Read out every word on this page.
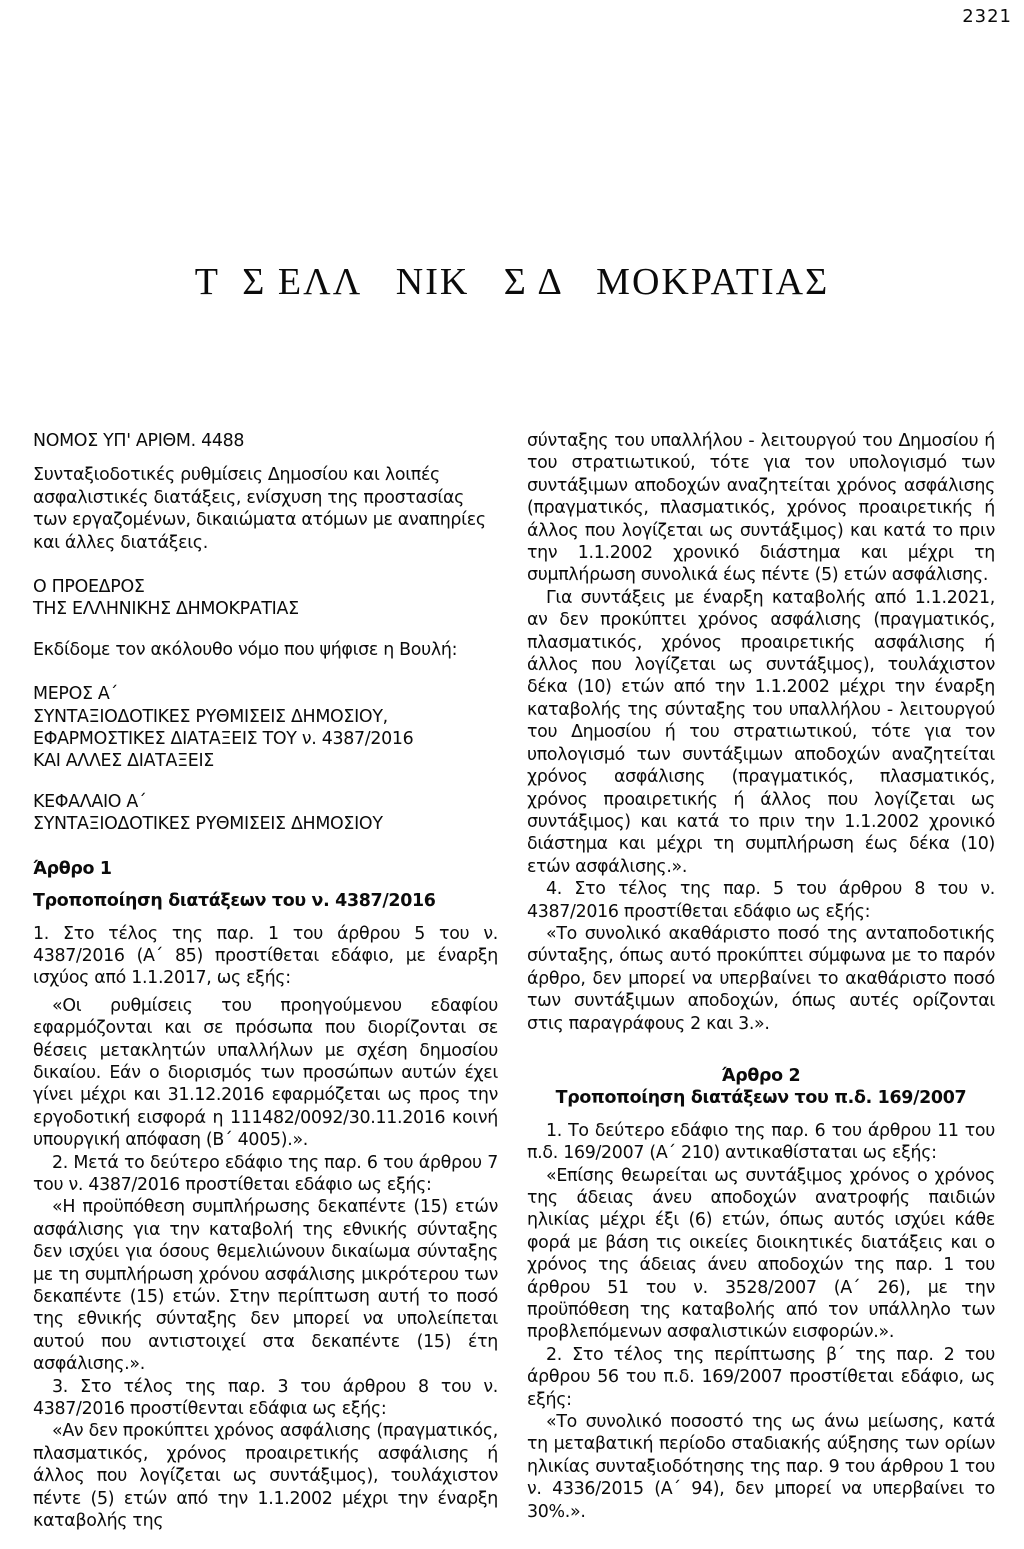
2321
Τ  Σ ΕΛΛ   ΝΙΚ   Σ Δ   ΜΟΚΡΑΤΙΑΣ

ΝΟΜΟΣ ΥΠ' ΑΡΙΘΜ. 4488

Συνταξιοδοτικές ρυθμίσεις Δημοσίου και λοιπές ασφαλιστικές διατάξεις, ενίσχυση της προστασίας των εργαζομένων, δικαιώματα ατόμων με αναπηρίες και άλλες διατάξεις.

Ο ΠΡΟΕΔΡΟΣ

ΤΗΣ ΕΛΛΗΝΙΚΗΣ ΔΗΜΟΚΡΑΤΙΑΣ

Εκδίδομε τον ακόλουθο νόμο που ψήφισε η Βουλή:

ΜΕΡΟΣ Α΄

ΣΥΝΤΑΞΙΟΔΟΤΙΚΕΣ ΡΥΘΜΙΣΕΙΣ ΔΗΜΟΣΙΟΥ,

ΕΦΑΡΜΟΣΤΙΚΕΣ ΔΙΑΤΑΞΕΙΣ ΤΟΥ ν. 4387/2016

ΚΑΙ ΑΛΛΕΣ ΔΙΑΤΑΞΕΙΣ

ΚΕΦΑΛΑΙΟ Α΄

ΣΥΝΤΑΞΙΟΔΟΤΙΚΕΣ ΡΥΘΜΙΣΕΙΣ ΔΗΜΟΣΙΟΥ

Άρθρο 1

Τροποποίηση διατάξεων του ν. 4387/2016

1. Στο τέλος της παρ. 1 του άρθρου 5 του ν. 4387/2016 (Α΄ 85) προστίθεται εδάφιο, με έναρξη ισχύος από 1.1.2017, ως εξής:

«Οι ρυθμίσεις του προηγούμενου εδαφίου εφαρμόζονται και σε πρόσωπα που διορίζονται σε θέσεις μετακλητών υπαλλήλων με σχέση δημοσίου δικαίου. Εάν ο διορισμός των προσώπων αυτών έχει γίνει μέχρι και 31.12.2016 εφαρμόζεται ως προς την εργοδοτική εισφορά η 111482/0092/30.11.2016 κοινή υπουργική απόφαση (Β΄ 4005).».

2. Μετά το δεύτερο εδάφιο της παρ. 6 του άρθρου 7 του ν. 4387/2016 προστίθεται εδάφιο ως εξής:

«Η προϋπόθεση συμπλήρωσης δεκαπέντε (15) ετών ασφάλισης για την καταβολή της εθνικής σύνταξης δεν ισχύει για όσους θεμελιώνουν δικαίωμα σύνταξης με τη συμπλήρωση χρόνου ασφάλισης μικρότερου των δεκαπέντε (15) ετών. Στην περίπτωση αυτή το ποσό της εθνικής σύνταξης δεν μπορεί να υπολείπεται αυτού που αντιστοιχεί στα δεκαπέντε (15) έτη ασφάλισης.».

3. Στο τέλος της παρ. 3 του άρθρου 8 του ν. 4387/2016 προστίθενται εδάφια ως εξής:

«Αν δεν προκύπτει χρόνος ασφάλισης (πραγματικός, πλασματικός, χρόνος προαιρετικής ασφάλισης ή άλλος που λογίζεται ως συντάξιμος), τουλάχιστον πέντε (5) ετών από την 1.1.2002 μέχρι την έναρξη καταβολής της

σύνταξης του υπαλλήλου - λειτουργού του Δημοσίου ή του στρατιωτικού, τότε για τον υπολογισμό των συντάξιμων αποδοχών αναζητείται χρόνος ασφάλισης (πραγματικός, πλασματικός, χρόνος προαιρετικής ή άλλος που λογίζεται ως συντάξιμος) και κατά το πριν την 1.1.2002 χρονικό διάστημα και μέχρι τη συμπλήρωση συνολικά έως πέντε (5) ετών ασφάλισης.

Για συντάξεις με έναρξη καταβολής από 1.1.2021, αν δεν προκύπτει χρόνος ασφάλισης (πραγματικός, πλασματικός, χρόνος προαιρετικής ασφάλισης ή άλλος που λογίζεται ως συντάξιμος), τουλάχιστον δέκα (10) ετών από την 1.1.2002 μέχρι την έναρξη καταβολής της σύνταξης του υπαλλήλου - λειτουργού του Δημοσίου ή του στρατιωτικού, τότε για τον υπολογισμό των συντάξιμων αποδοχών αναζητείται χρόνος ασφάλισης (πραγματικός, πλασματικός, χρόνος προαιρετικής ή άλλος που λογίζεται ως συντάξιμος) και κατά το πριν την 1.1.2002 χρονικό διάστημα και μέχρι τη συμπλήρωση έως δέκα (10) ετών ασφάλισης.».

4. Στο τέλος της παρ. 5 του άρθρου 8 του ν. 4387/2016 προστίθεται εδάφιο ως εξής:

«Το συνολικό ακαθάριστο ποσό της ανταποδοτικής σύνταξης, όπως αυτό προκύπτει σύμφωνα με το παρόν άρθρο, δεν μπορεί να υπερβαίνει το ακαθάριστο ποσό των συντάξιμων αποδοχών, όπως αυτές ορίζονται στις παραγράφους 2 και 3.».

Άρθρο 2

Τροποποίηση διατάξεων του π.δ. 169/2007

1. Το δεύτερο εδάφιο της παρ. 6 του άρθρου 11 του π.δ. 169/2007 (Α΄ 210) αντικαθίσταται ως εξής:

«Επίσης θεωρείται ως συντάξιμος χρόνος ο χρόνος της άδειας άνευ αποδοχών ανατροφής παιδιών ηλικίας μέχρι έξι (6) ετών, όπως αυτός ισχύει κάθε φορά με βάση τις οικείες διοικητικές διατάξεις και ο χρόνος της άδειας άνευ αποδοχών της παρ. 1 του άρθρου 51 του ν. 3528/2007 (Α΄ 26), με την προϋπόθεση της καταβολής από τον υπάλληλο των προβλεπόμενων ασφαλιστικών εισφορών.».

2. Στο τέλος της περίπτωσης β΄ της παρ. 2 του άρθρου 56 του π.δ. 169/2007 προστίθεται εδάφιο, ως εξής:

«Το συνολικό ποσοστό της ως άνω μείωσης, κατά τη μεταβατική περίοδο σταδιακής αύξησης των ορίων ηλικίας συνταξιοδότησης της παρ. 9 του άρθρου 1 του ν. 4336/2015 (Α΄ 94), δεν μπορεί να υπερβαίνει το 30%.».
